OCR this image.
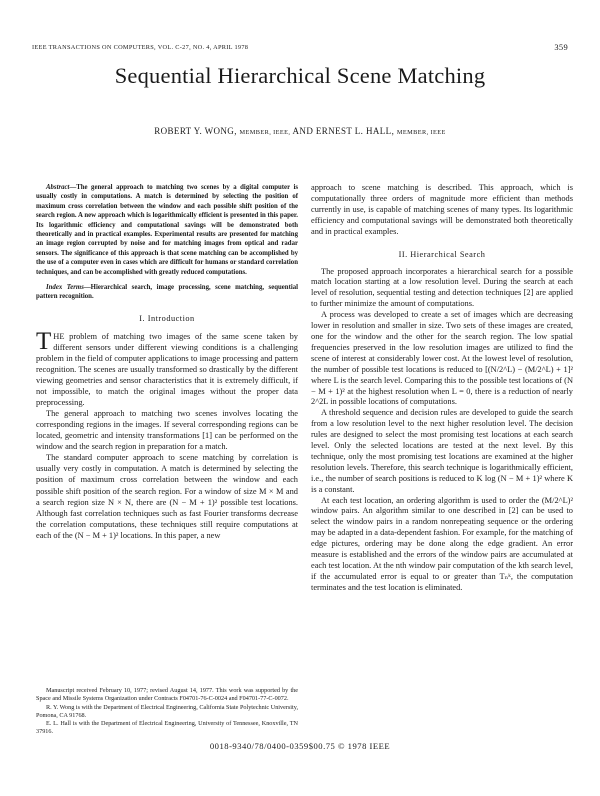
IEEE TRANSACTIONS ON COMPUTERS, VOL. C-27, NO. 4, APRIL 1978	359
Sequential Hierarchical Scene Matching
ROBERT Y. WONG, MEMBER, IEEE, AND ERNEST L. HALL, MEMBER, IEEE

Abstract—The general approach to matching two scenes by a digital computer is usually costly in computations. A match is determined by selecting the position of maximum cross correlation between the window and each possible shift position of the search region. A new approach which is logarithmically efficient is presented in this paper. Its logarithmic efficiency and computational savings will be demonstrated both theoretically and in practical examples. Experimental results are presented for matching an image region corrupted by noise and for matching images from optical and radar sensors. The significance of this approach is that scene matching can be accomplished by the use of a computer even in cases which are difficult for humans or standard correlation techniques, and can be accomplished with greatly reduced computations.

Index Terms—Hierarchical search, image processing, scene matching, sequential pattern recognition.

I. Introduction

THE problem of matching two images of the same scene taken by different sensors under different viewing conditions is a challenging problem in the field of computer applications to image processing and pattern recognition. The scenes are usually transformed so drastically by the different viewing geometries and sensor characteristics that it is extremely difficult, if not impossible, to match the original images without the proper data preprocessing.

The general approach to matching two scenes involves locating the corresponding regions in the images. If several corresponding regions can be located, geometric and intensity transformations [1] can be performed on the window and the search region in preparation for a match.

The standard computer approach to scene matching by correlation is usually very costly in computation. A match is determined by selecting the position of maximum cross correlation between the window and each possible shift position of the search region. For a window of size M × M and a search region size N × N, there are (N − M + 1)² possible test locations. Although fast correlation techniques such as fast Fourier transforms decrease the correlation computations, these techniques still require computations at each of the (N − M + 1)² locations. In this paper, a new

Manuscript received February 10, 1977; revised August 14, 1977. This work was supported by the Space and Missile Systems Organization under Contracts F04701-76-C-0024 and F04701-77-C-0072.

R. Y. Wong is with the Department of Electrical Engineering, California State Polytechnic University, Pomona, CA 91768.

E. L. Hall is with the Department of Electrical Engineering, University of Tennessee, Knoxville, TN 37916.

approach to scene matching is described. This approach, which is computationally three orders of magnitude more efficient than methods currently in use, is capable of matching scenes of many types. Its logarithmic efficiency and computational savings will be demonstrated both theoretically and in practical examples.

II. Hierarchical Search

The proposed approach incorporates a hierarchical search for a possible match location starting at a low resolution level. During the search at each level of resolution, sequential testing and detection techniques [2] are applied to further minimize the amount of computations.

A process was developed to create a set of images which are decreasing lower in resolution and smaller in size. Two sets of these images are created, one for the window and the other for the search region. The low spatial frequencies preserved in the low resolution images are utilized to find the scene of interest at considerably lower cost. At the lowest level of resolution, the number of possible test locations is reduced to [(N/2^L) − (M/2^L) + 1]² where L is the search level. Comparing this to the possible test locations of (N − M + 1)² at the highest resolution when L = 0, there is a reduction of nearly 2^2L in possible locations of computations.

A threshold sequence and decision rules are developed to guide the search from a low resolution level to the next higher resolution level. The decision rules are designed to select the most promising test locations at each search level. Only the selected locations are tested at the next level. By this technique, only the most promising test locations are examined at the higher resolution levels. Therefore, this search technique is logarithmically efficient, i.e., the number of search positions is reduced to K log (N − M + 1)² where K is a constant.

At each test location, an ordering algorithm is used to order the (M/2^L)² window pairs. An algorithm similar to one described in [2] can be used to select the window pairs in a random nonrepeating sequence or the ordering may be adapted in a data-dependent fashion. For example, for the matching of edge pictures, ordering may be done along the edge gradient. An error measure is established and the errors of the window pairs are accumulated at each test location. At the nth window pair computation of the kth search level, if the accumulated error is equal to or greater than Tₙᵏ, the computation terminates and the test location is eliminated.

0018-9340/78/0400-0359$00.75 © 1978 IEEE
